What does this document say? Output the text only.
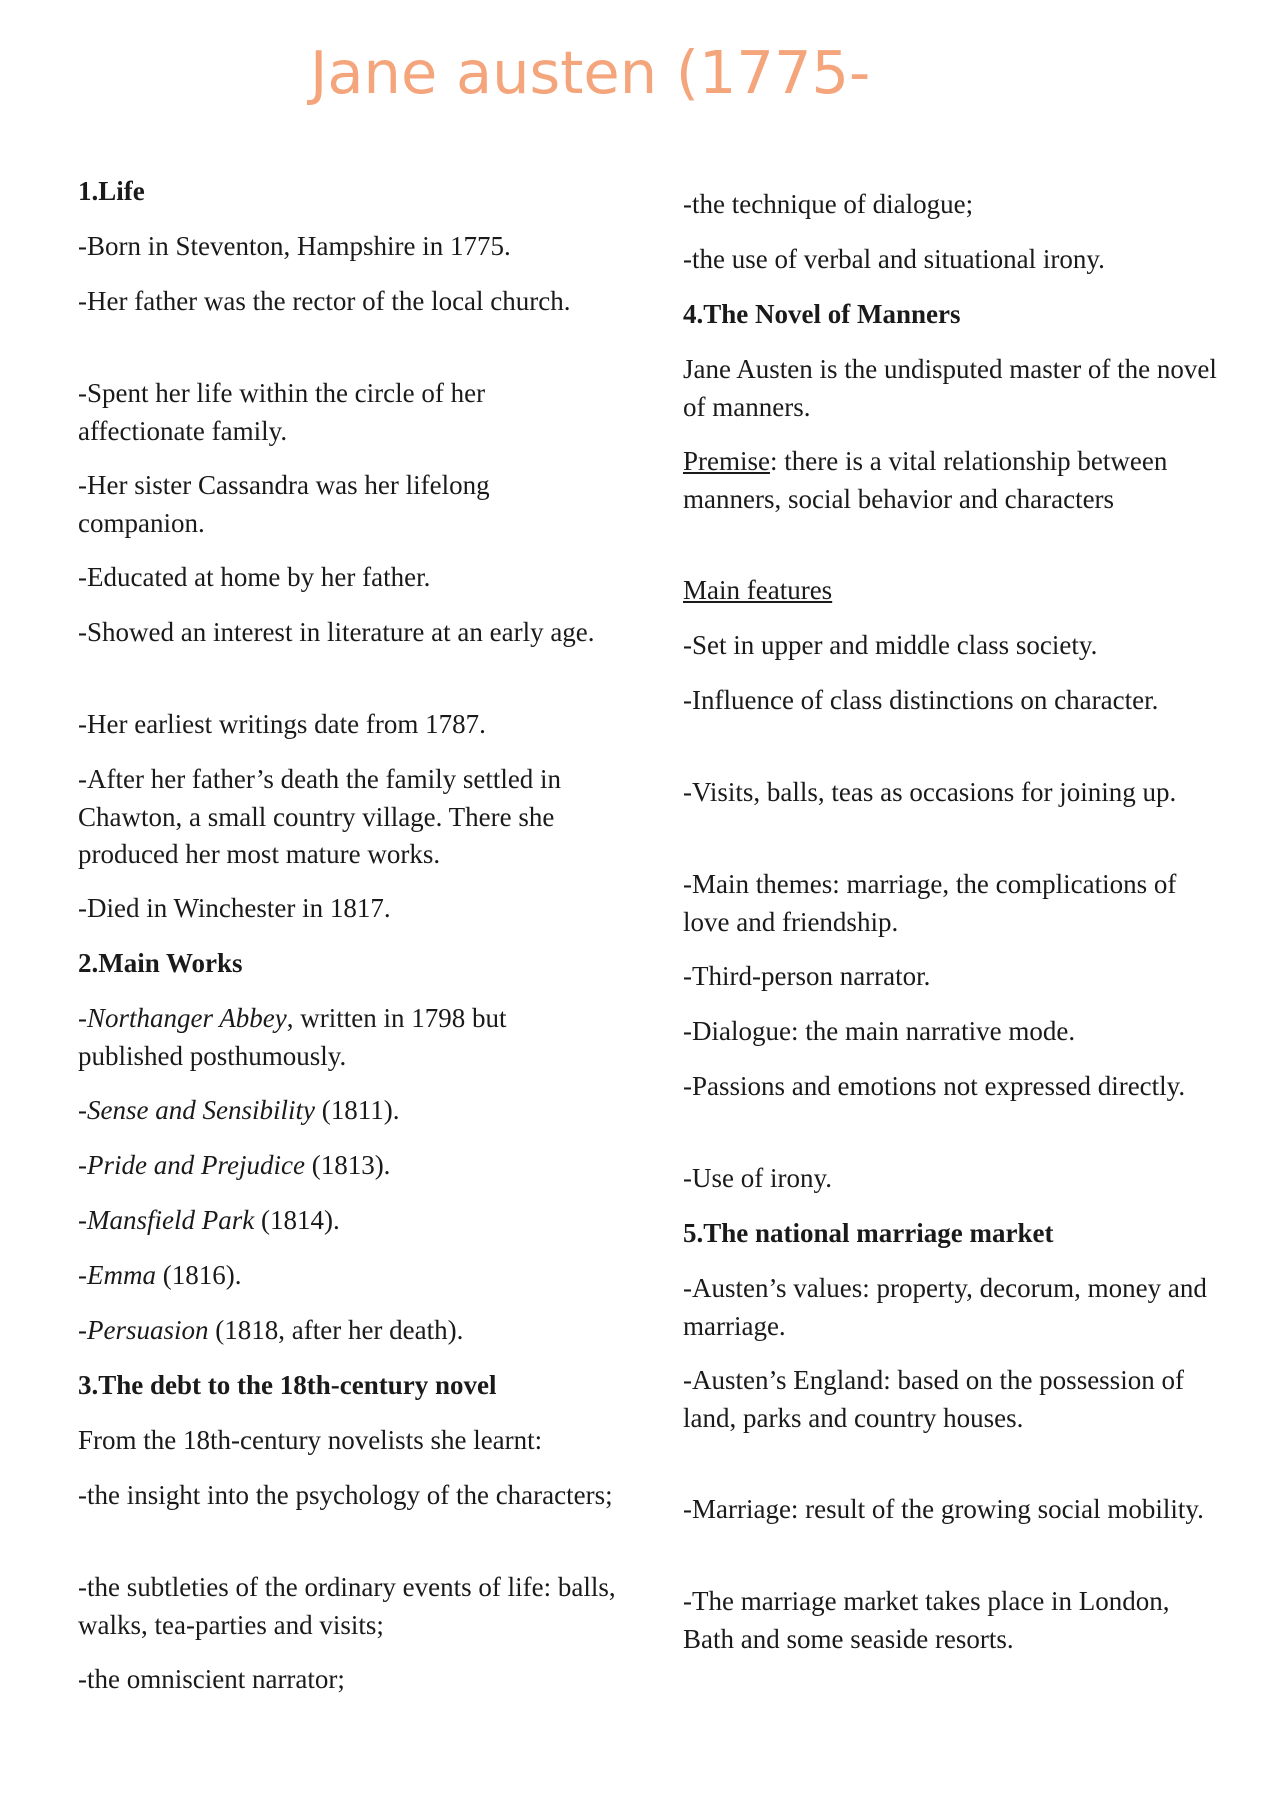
Jane austen (1775-

1.Life

-Born in Steventon, Hampshire in 1775.

-Her father was the rector of the local church.

-Spent her life within the circle of her affectionate family.

-Her sister Cassandra was her lifelong companion.

-Educated at home by her father.

-Showed an interest in literature at an early age.

-Her earliest writings date from 1787.

-After her father’s death the family settled in Chawton, a small country village. There she produced her most mature works.

-Died in Winchester in 1817.

2.Main Works

-Northanger Abbey, written in 1798 but published posthumously.

-Sense and Sensibility (1811).

-Pride and Prejudice (1813).

-Mansfield Park (1814).

-Emma (1816).

-Persuasion (1818, after her death).

3.The debt to the 18th-century novel

From the 18th-century novelists she learnt:

-the insight into the psychology of the characters;

-the subtleties of the ordinary events of life: balls, walks, tea-parties and visits;

-the omniscient narrator;

-the technique of dialogue;

-the use of verbal and situational irony.

4.The Novel of Manners

Jane Austen is the undisputed master of the novel of manners.

Premise: there is a vital relationship between manners, social behavior and characters

Main features

-Set in upper and middle class society.

-Influence of class distinctions on character.

-Visits, balls, teas as occasions for joining up.

-Main themes: marriage, the complications of love and friendship.

-Third-person narrator.

-Dialogue: the main narrative mode.

-Passions and emotions not expressed directly.

-Use of irony.

5.The national marriage market

-Austen’s values: property, decorum, money and marriage.

-Austen’s England: based on the possession of land, parks and country houses.

-Marriage: result of the growing social mobility.

-The marriage market takes place in London, Bath and some seaside resorts.
